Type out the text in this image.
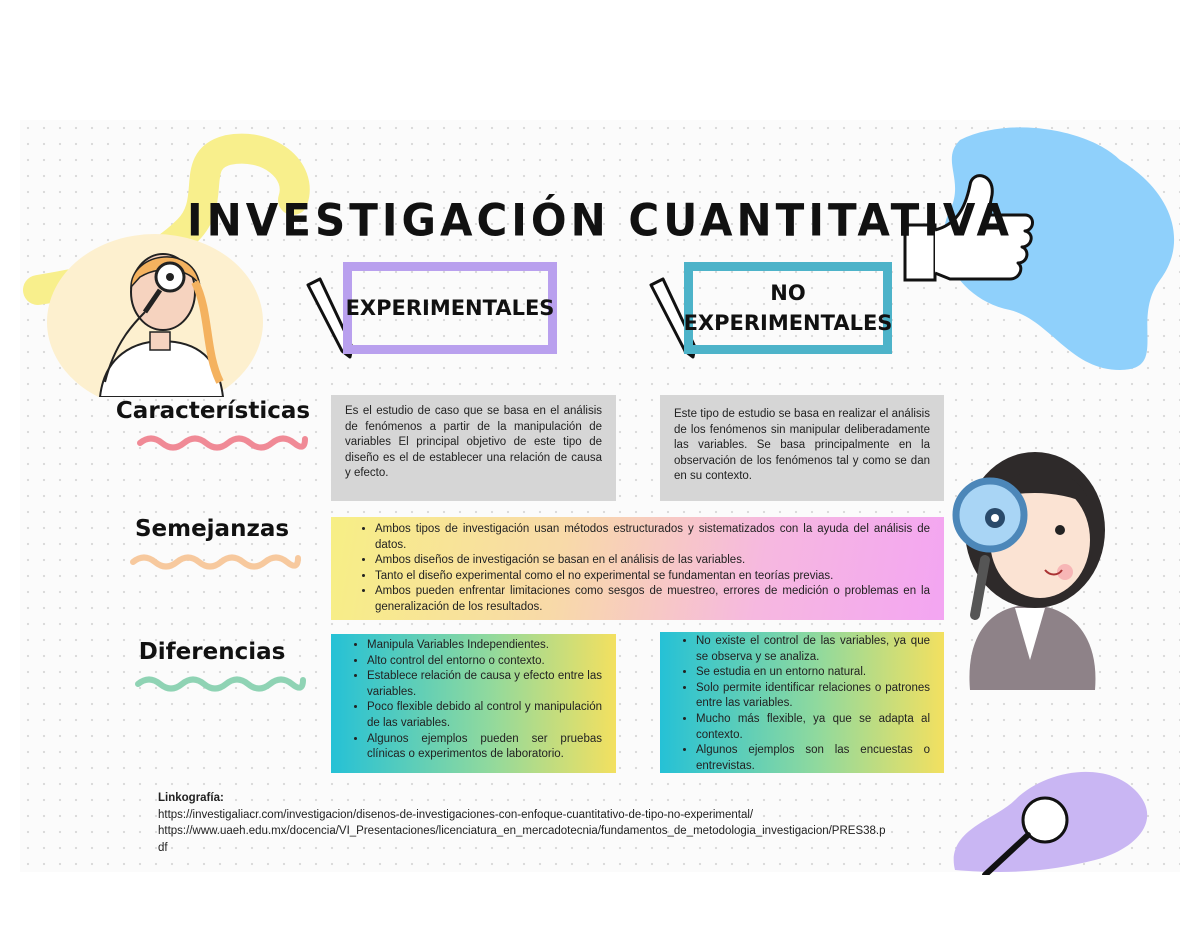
INVESTIGACIÓN CUANTITATIVA
EXPERIMENTALES
NO
EXPERIMENTALES
Características
Semejanzas
Diferencias
Es el estudio de caso que se basa en el análisis de fenómenos a partir de la manipulación de variables El principal objetivo de este tipo de diseño es el de establecer una relación de causa y efecto.
Este tipo de estudio se basa en realizar el análisis de los fenómenos sin manipular deliberadamente las variables. Se basa principalmente en la observación de los fenómenos tal y como se dan en su contexto.
• Ambos tipos de investigación usan métodos estructurados y sistematizados con la ayuda del análisis de datos.
• Ambos diseños de investigación se basan en el análisis de las variables.
• Tanto el diseño experimental como el no experimental se fundamentan en teorías previas.
• Ambos pueden enfrentar limitaciones como sesgos de muestreo, errores de medición o problemas en la generalización de los resultados.
• Manipula Variables Independientes.
• Alto control del entorno o contexto.
• Establece relación de causa y efecto entre las variables.
• Poco flexible debido al control y manipulación de las variables.
• Algunos ejemplos pueden ser pruebas clínicas o experimentos de laboratorio.
• No existe el control de las variables, ya que se observa y se analiza.
• Se estudia en un entorno natural.
• Solo permite identificar relaciones o patrones entre las variables.
• Mucho más flexible, ya que se adapta al contexto.
• Algunos ejemplos son las encuestas o entrevistas.
Linkografía:
https://investigaliacr.com/investigacion/disenos-de-investigaciones-con-enfoque-cuantitativo-de-tipo-no-experimental/
https://www.uaeh.edu.mx/docencia/VI_Presentaciones/licenciatura_en_mercadotecnia/fundamentos_de_metodologia_investigacion/PRES38.p
df
